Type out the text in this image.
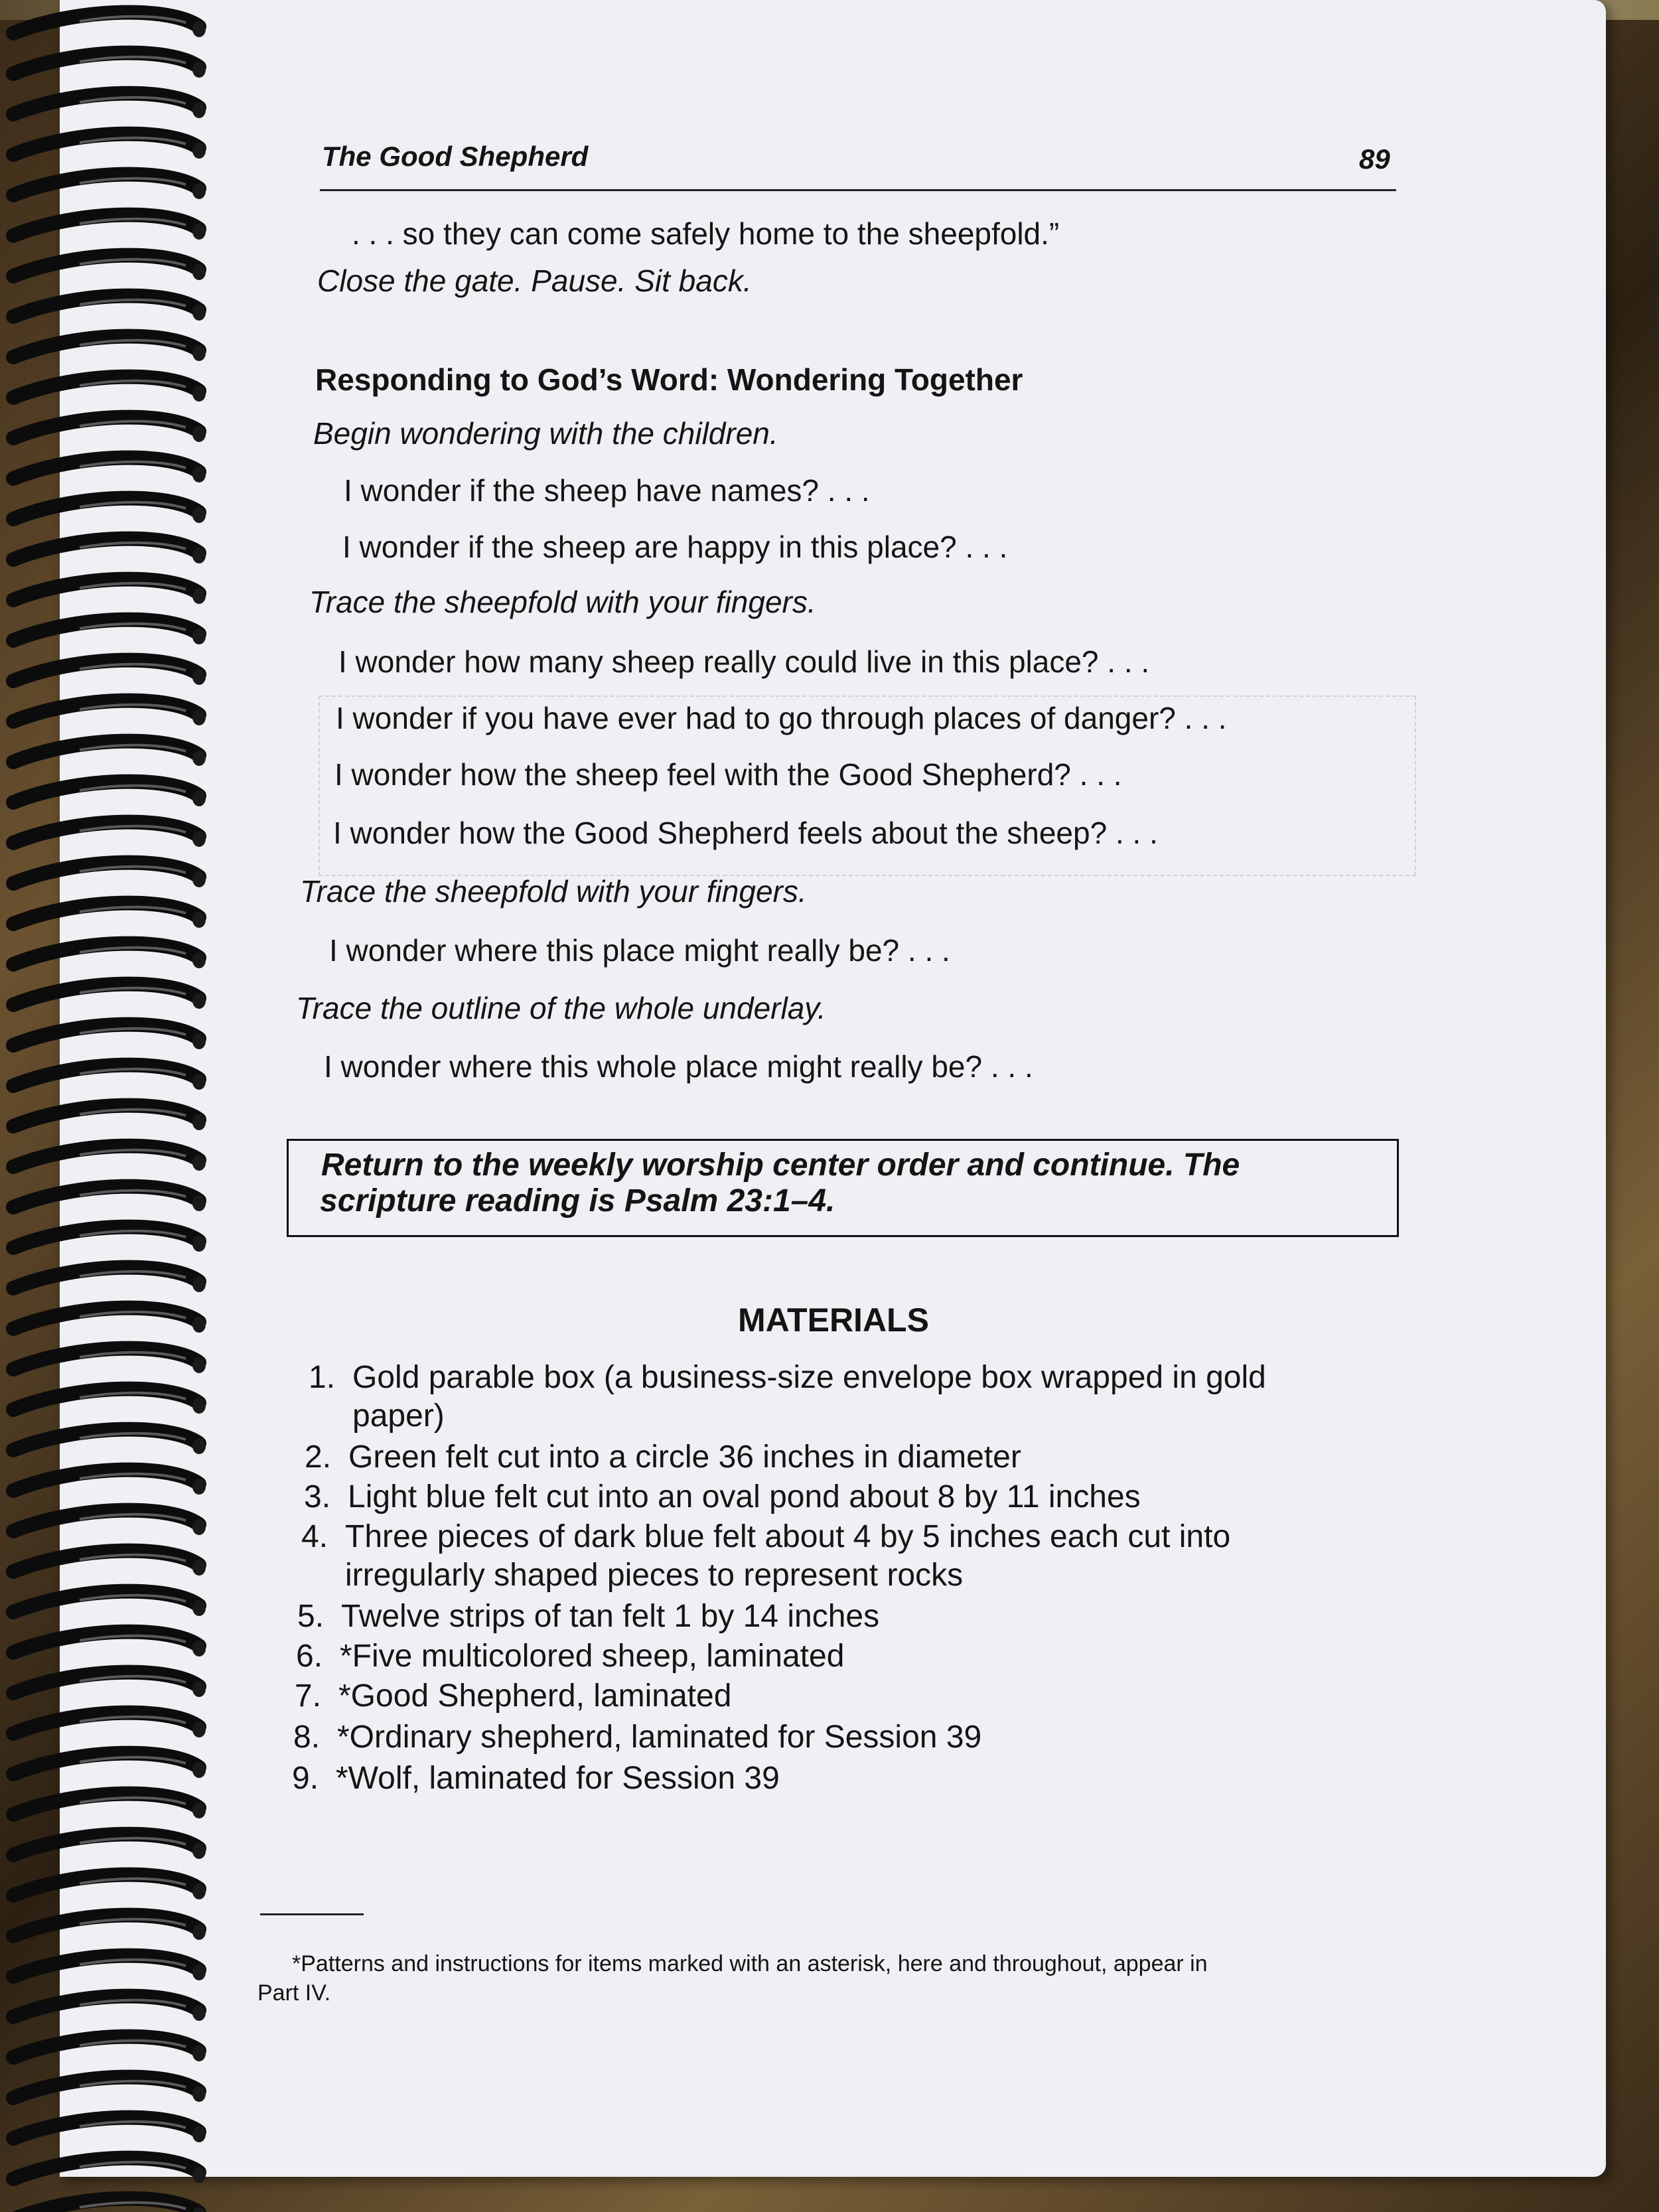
The Good Shepherd	89
. . . so they can come safely home to the sheepfold.”
Close the gate. Pause. Sit back.
Responding to God’s Word: Wondering Together
Begin wondering with the children.
I wonder if the sheep have names? . . .
I wonder if the sheep are happy in this place? . . .
Trace the sheepfold with your fingers.
I wonder how many sheep really could live in this place? . . .
I wonder if you have ever had to go through places of danger? . . .
I wonder how the sheep feel with the Good Shepherd? . . .
I wonder how the Good Shepherd feels about the sheep? . . .
Trace the sheepfold with your fingers.
I wonder where this place might really be? . . .
Trace the outline of the whole underlay.
I wonder where this whole place might really be? . . .
Return to the weekly worship center order and continue. The
scripture reading is Psalm 23:1–4.
MATERIALS
1. Gold parable box (a business-size envelope box wrapped in gold
paper)
2. Green felt cut into a circle 36 inches in diameter
3. Light blue felt cut into an oval pond about 8 by 11 inches
4. Three pieces of dark blue felt about 4 by 5 inches each cut into
irregularly shaped pieces to represent rocks
5. Twelve strips of tan felt 1 by 14 inches
6. *Five multicolored sheep, laminated
7. *Good Shepherd, laminated
8. *Ordinary shepherd, laminated for Session 39
9. *Wolf, laminated for Session 39
*Patterns and instructions for items marked with an asterisk, here and throughout, appear in
Part IV.
